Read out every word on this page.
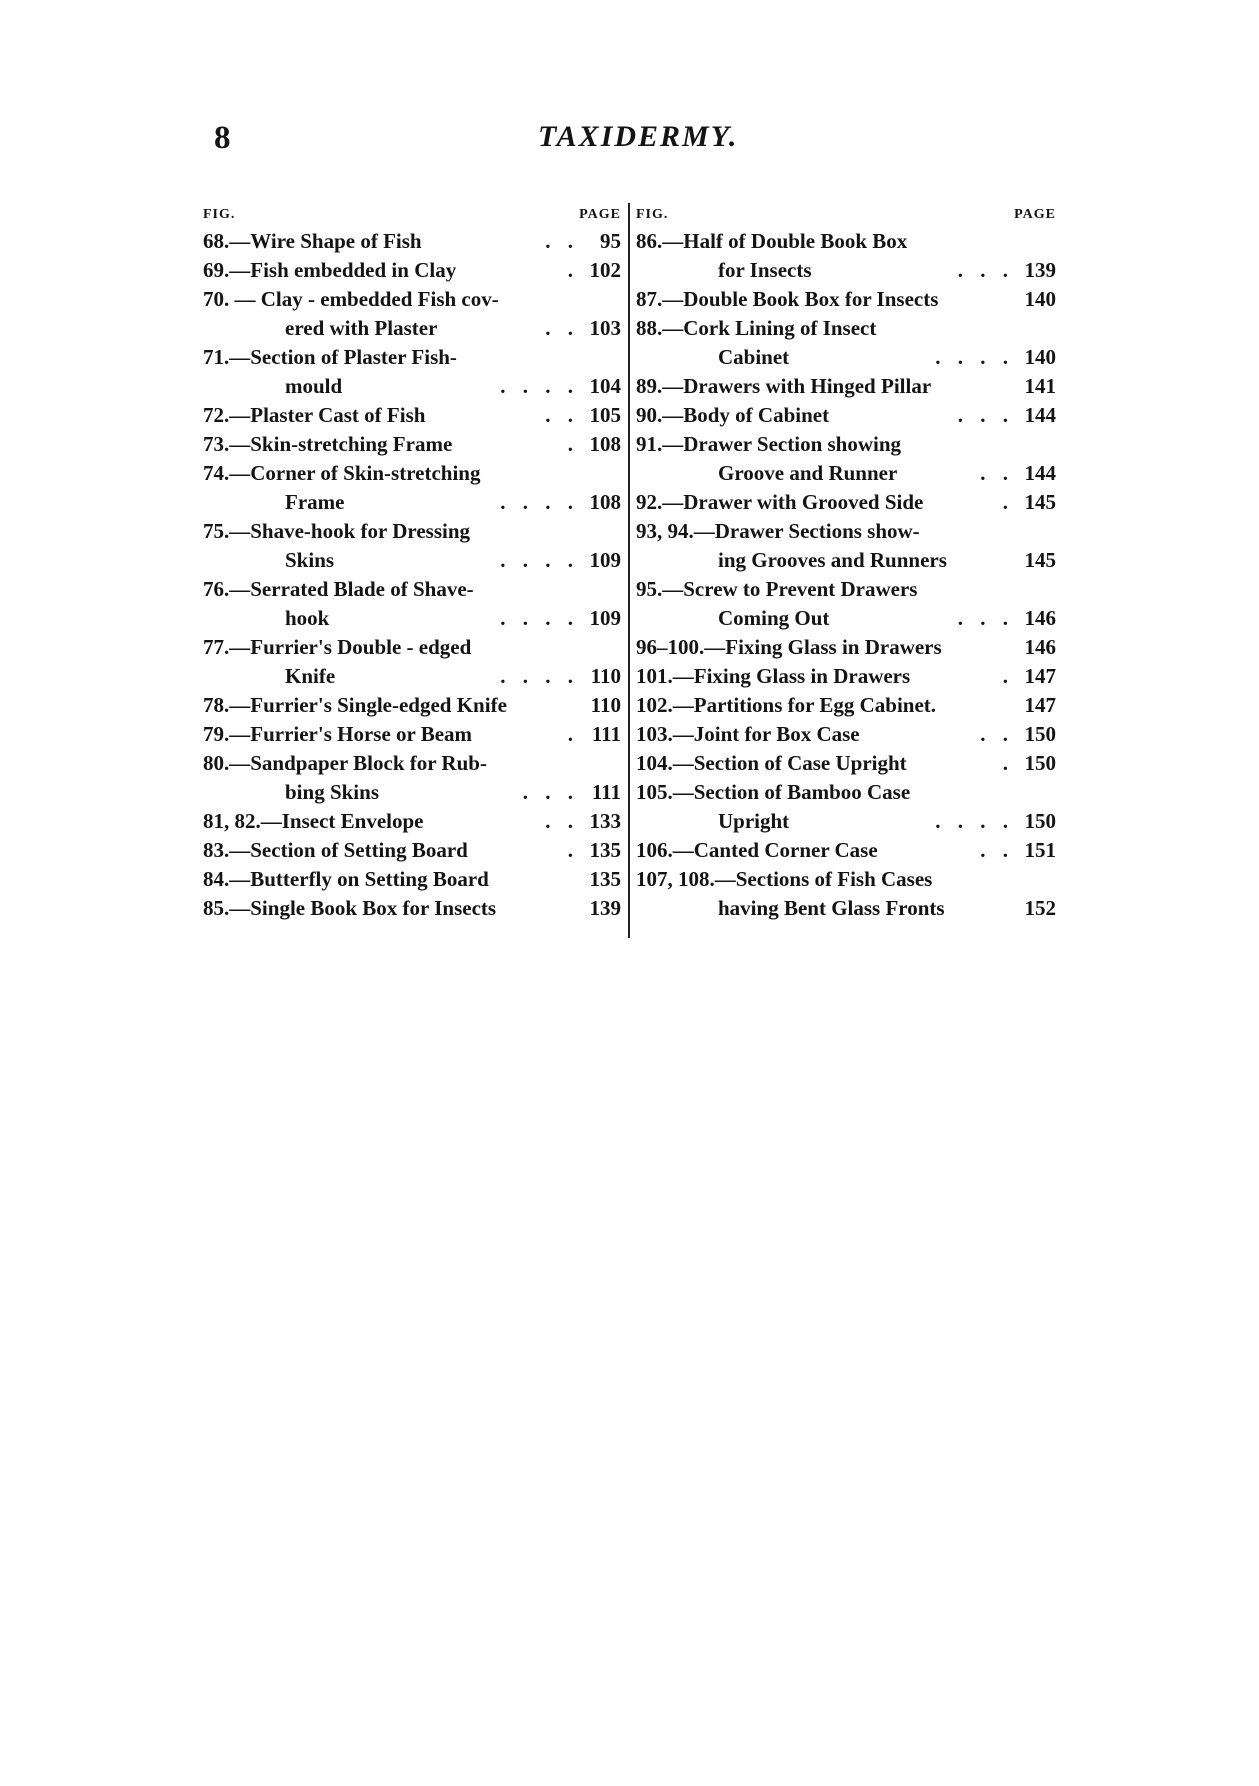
8	TAXIDERMY.
FIG.	PAGE
68.—Wire Shape of Fish	. .	95
69.—Fish embedded in Clay	. 102
70. — Clay - embedded Fish cov-
ered with Plaster	. . 103
71.—Section of Plaster Fish-
mould	. . . . 104
72.—Plaster Cast of Fish	. . 105
73.—Skin-stretching Frame	. 108
74.—Corner of Skin-stretching
Frame	. . . . 108
75.—Shave-hook for Dressing
Skins	. . . . 109
76.—Serrated Blade of Shave-
hook	. . . . 109
77.—Furrier's Double - edged
Knife	. . . . 110
78.—Furrier's Single-edged Knife	110
79.—Furrier's Horse or Beam	. 111
80.—Sandpaper Block for Rub-
bing Skins	. . . 111
81, 82.—Insect Envelope	. . 133
83.—Section of Setting Board	. 135
84.—Butterfly on Setting Board	135
85.—Single Book Box for Insects	139
FIG.	PAGE
86.—Half of Double Book Box
for Insects	. . . 139
87.—Double Book Box for Insects	140
88.—Cork Lining of Insect
Cabinet	. . . . 140
89.—Drawers with Hinged Pillar	141
90.—Body of Cabinet	. . . 144
91.—Drawer Section showing
Groove and Runner	. . 144
92.—Drawer with Grooved Side	. 145
93, 94.—Drawer Sections show-
ing Grooves and Runners	145
95.—Screw to Prevent Drawers
Coming Out	. . . 146
96–100.—Fixing Glass in Drawers	146
101.—Fixing Glass in Drawers	. 147
102.—Partitions for Egg Cabinet.	147
103.—Joint for Box Case	. . 150
104.—Section of Case Upright	. 150
105.—Section of Bamboo Case
Upright	. . . . 150
106.—Canted Corner Case	. . 151
107, 108.—Sections of Fish Cases
having Bent Glass Fronts	152
